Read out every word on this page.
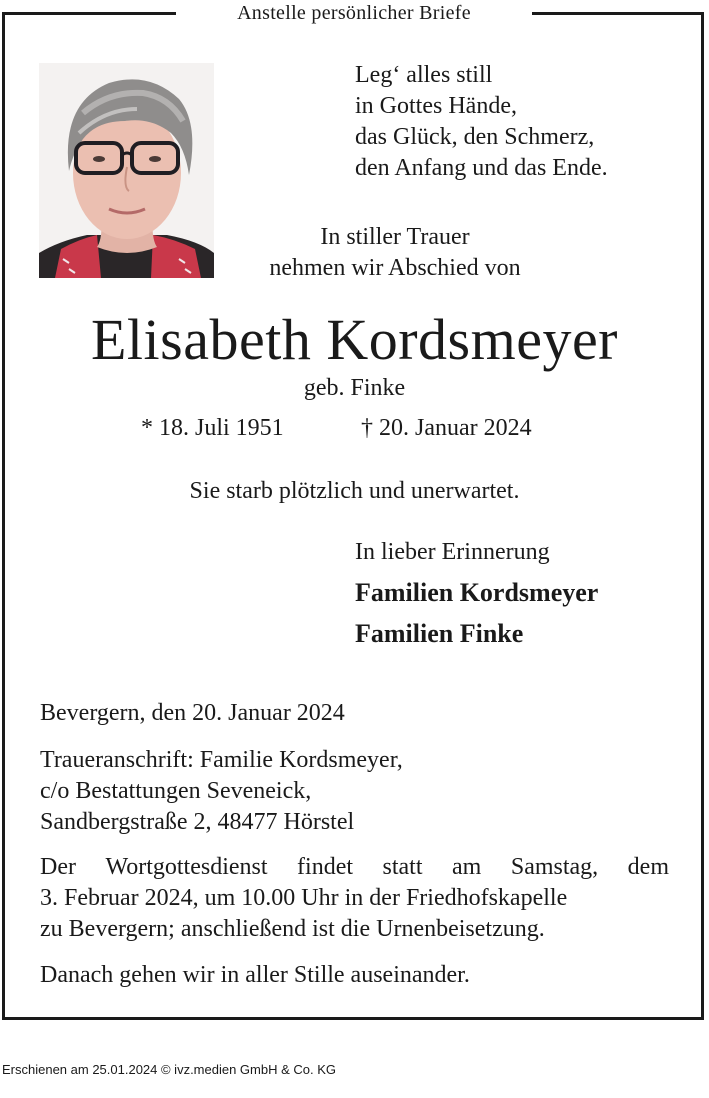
Anstelle persönlicher Briefe
Leg‘ alles still
in Gottes Hände,
das Glück, den Schmerz,
den Anfang und das Ende.
In stiller Trauer
nehmen wir Abschied von
Elisabeth Kordsmeyer
geb. Finke
* 18. Juli 1951	† 20. Januar 2024
Sie starb plötzlich und unerwartet.
In lieber Erinnerung
Familien Kordsmeyer
Familien Finke
Bevergern, den 20. Januar 2024
Traueranschrift: Familie Kordsmeyer,
c/o Bestattungen Seveneick,
Sandbergstraße 2, 48477 Hörstel
Der Wortgottesdienst findet statt am Samstag, dem
3. Februar 2024, um 10.00 Uhr in der Friedhofskapelle
zu Bevergern; anschließend ist die Urnenbeisetzung.
Danach gehen wir in aller Stille auseinander.
Erschienen am 25.01.2024 © ivz.medien GmbH & Co. KG
